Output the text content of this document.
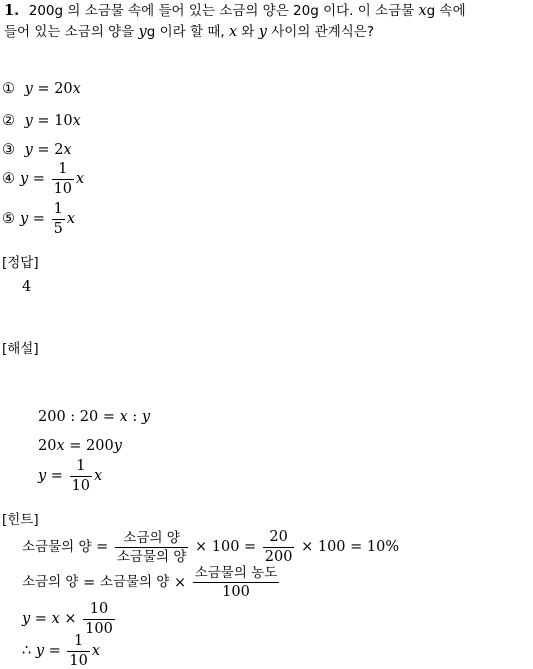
1. 200g 의 소금물 속에 들어 있는 소금의 양은 20g 이다. 이 소금물 xg 속에
들어 있는 소금의 양을 yg 이라 할 때, x 와 y 사이의 관계식은?
① y = 20x
② y = 10x
③ y = 2x
④ $y = \frac{1}{10}$ x
⑤ $y = \frac{1}{5}$ x
[정답]
4
[해설]
200 : 20 = x : y
20x = 200y
$y = \frac{1}{10}$ x
[힌트]
소금물의 양 = $\frac{\text{소금의 양}}{\text{소금물의 양}} \times 100 = \frac{20}{200} \times 100 = 10\%$
소금의 양 = 소금물의 양 × $\frac{\text{소금물의 농도}}{100}$
$y = x \times \frac{10}{100}$
∴ $y = \frac{1}{10}$ x
